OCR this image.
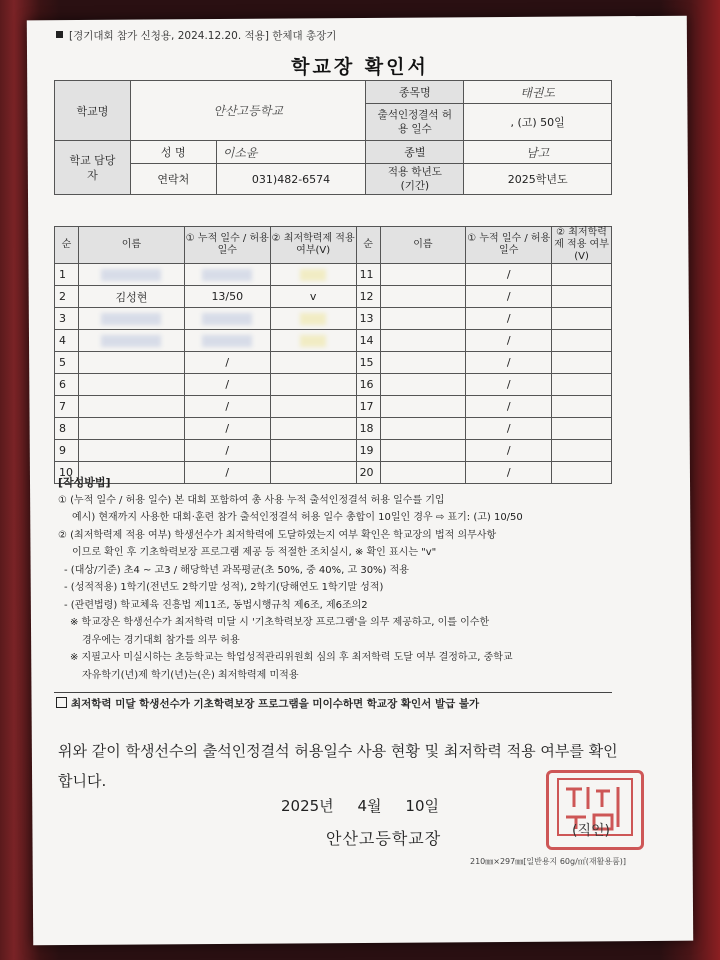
[경기대회 참가 신청용, 2024.12.20. 적용] 한체대 총장기
학교장 확인서
학교명	안산고등학교		종목명	태권도
			출석인정결석 허용 일수	, (고) 50일
학교 담당자	성 명	이소윤	종별	남고
	연락처	031)482-6574	적용 학년도 (기간)	2025학년도
순	이름	① 누적 일수 / 허용 일수	② 최저학력제 적용 여부(V)	순	이름	① 누적 일수 / 허용 일수	② 최저학력제 적용 여부(V)
1				11		/	
2	김성현	13/50	v	12		/	
3				13		/	
4				14		/	
5		/		15		/	
6		/		16		/	
7		/		17		/	
8		/		18		/	
9		/		19		/	
10		/		20		/	
[작성방법]
① (누적 일수 / 허용 일수) 본 대회 포함하여 총 사용 누적 출석인정결석 허용 일수를 기입
예시) 현재까지 사용한 대회·훈련 참가 출석인정결석 허용 일수 총합이 10일인 경우 ⇨ 표기: (고) 10/50
② (최저학력제 적용 여부) 학생선수가 최저학력에 도달하였는지 여부 확인은 학교장의 법적 의무사항
이므로 확인 후 기초학력보장 프로그램 제공 등 적절한 조치실시, ※ 확인 표시는 "v"
- (대상/기준) 초4 ~ 고3 / 해당학년 과목평균(초 50%, 중 40%, 고 30%) 적용
- (성적적용) 1학기(전년도 2학기말 성적), 2학기(당해연도 1학기말 성적)
- (관련법령) 학교체육 진흥법 제11조, 동법시행규칙 제6조, 제6조의2
※ 학교장은 학생선수가 최저학력 미달 시 '기초학력보장 프로그램'을 의무 제공하고, 이를 이수한
경우에는 경기대회 참가를 의무 허용
※ 지필고사 미실시하는 초등학교는 학업성적관리위원회 심의 후 최저학력 도달 여부 결정하고, 중학교
자유학기(년)제 학기(년)는(은) 최저학력제 미적용
최저학력 미달 학생선수가 기초학력보장 프로그램을 미이수하면 학교장 확인서 발급 불가
위와 같이 학생선수의 출석인정결석 허용일수 사용 현황 및 최저학력 적용 여부를 확인합니다.
2025년 4월 10일
안산고등학교장	(직인)
210㎜×297㎜[일반용지 60g/㎡(재활용품)]
